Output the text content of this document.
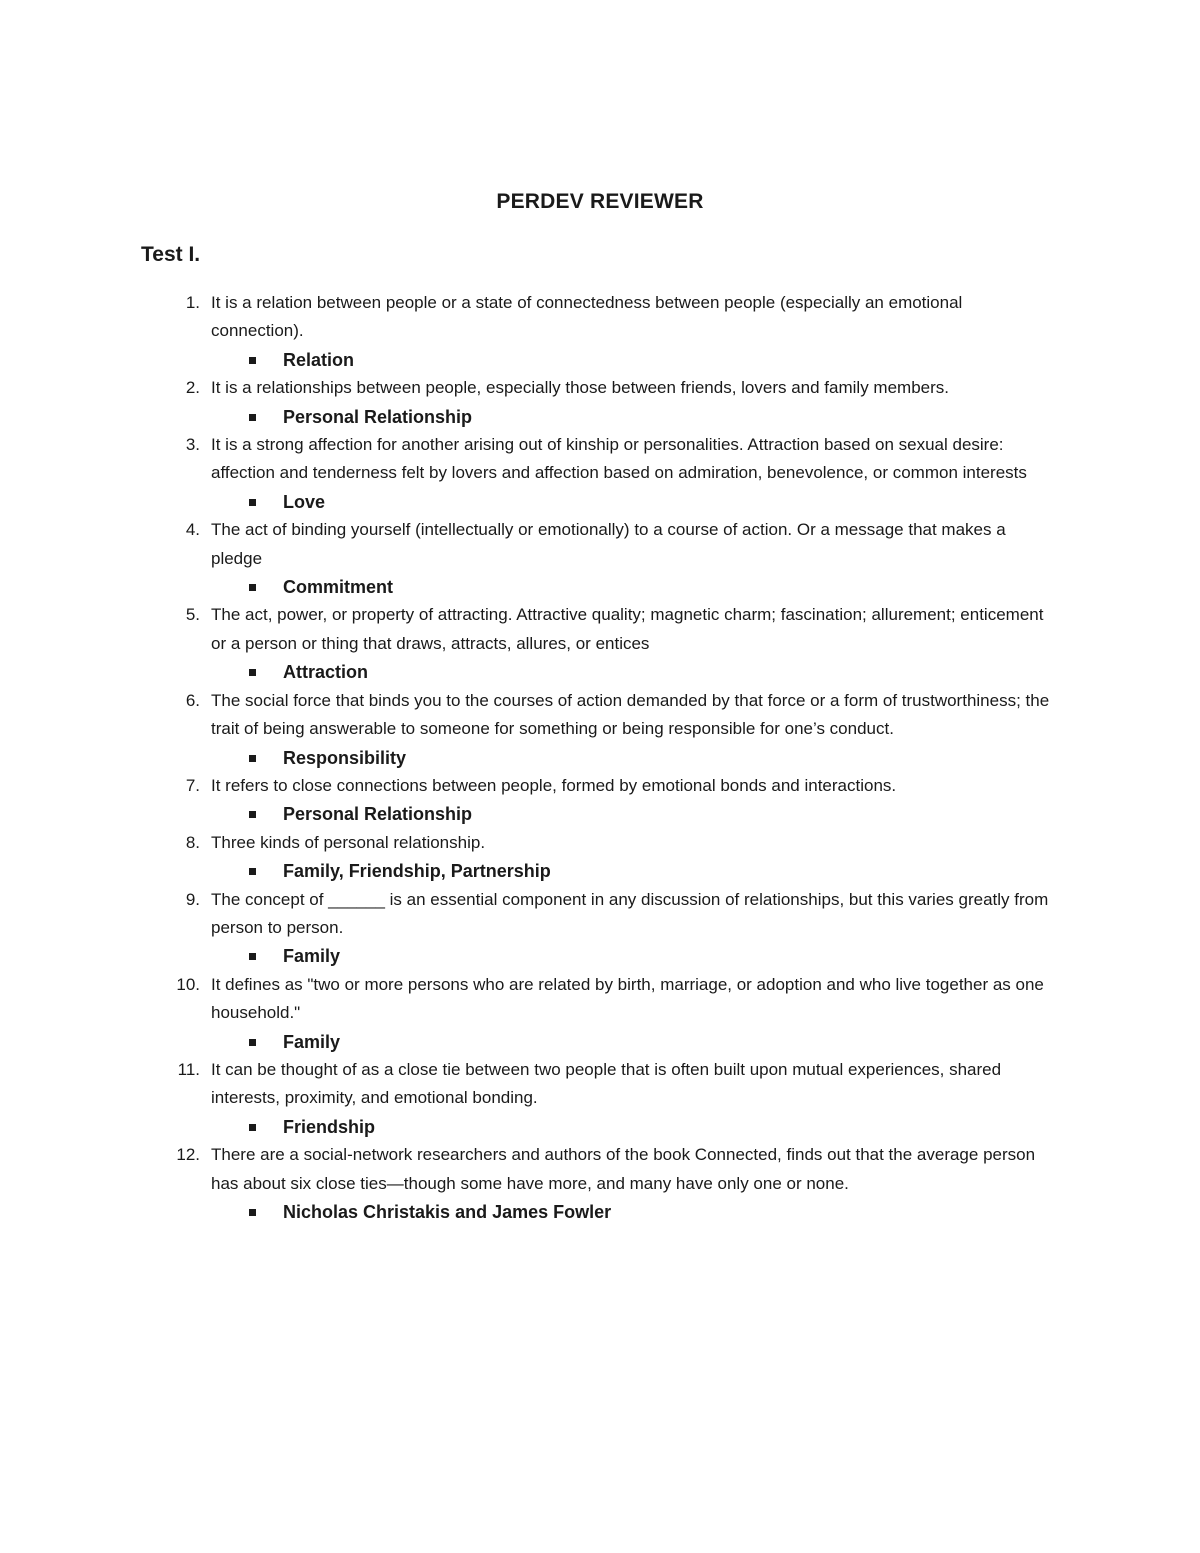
PERDEV REVIEWER
Test I.
1. It is a relation between people or a state of connectedness between people (especially an emotional connection).
Relation
2. It is a relationships between people, especially those between friends, lovers and family members.
Personal Relationship
3. It is a strong affection for another arising out of kinship or personalities. Attraction based on sexual desire: affection and tenderness felt by lovers and affection based on admiration, benevolence, or common interests
Love
4. The act of binding yourself (intellectually or emotionally) to a course of action. Or a message that makes a pledge
Commitment
5. The act, power, or property of attracting. Attractive quality; magnetic charm; fascination; allurement; enticement or a person or thing that draws, attracts, allures, or entices
Attraction
6. The social force that binds you to the courses of action demanded by that force or a form of trustworthiness; the trait of being answerable to someone for something or being responsible for one’s conduct.
Responsibility
7. It refers to close connections between people, formed by emotional bonds and interactions.
Personal Relationship
8. Three kinds of personal relationship.
Family, Friendship, Partnership
9. The concept of ______ is an essential component in any discussion of relationships, but this varies greatly from person to person.
Family
10. It defines as "two or more persons who are related by birth, marriage, or adoption and who live together as one household."
Family
11. It can be thought of as a close tie between two people that is often built upon mutual experiences, shared interests, proximity, and emotional bonding.
Friendship
12. There are a social-network researchers and authors of the book Connected, finds out that the average person has about six close ties—though some have more, and many have only one or none.
Nicholas Christakis and James Fowler
